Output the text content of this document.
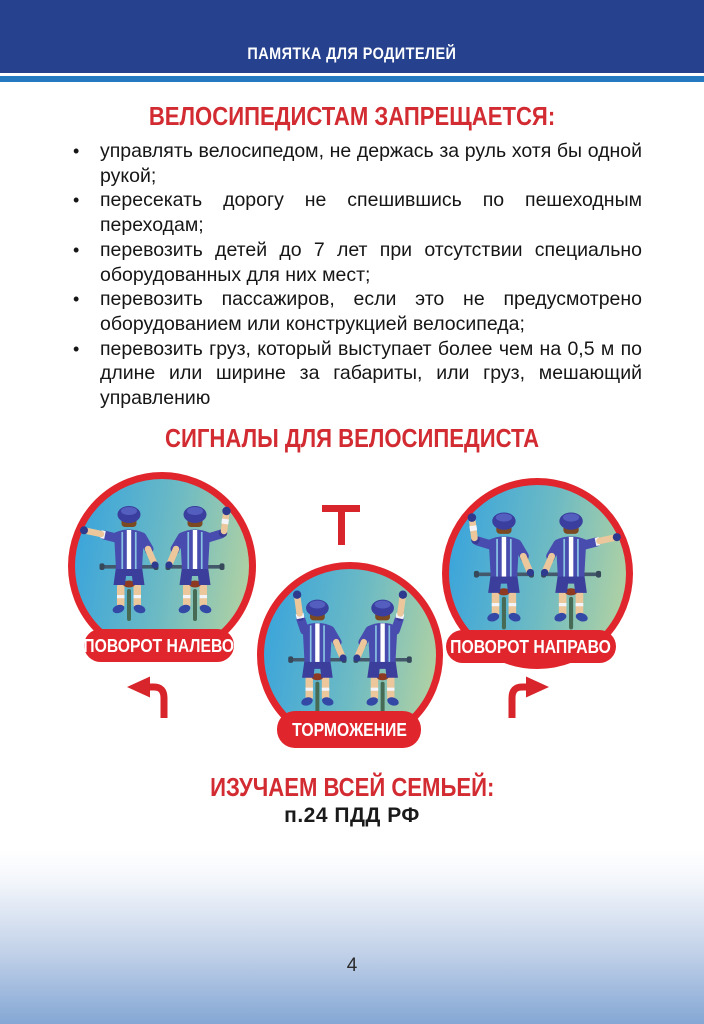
ПАМЯТКА ДЛЯ РОДИТЕЛЕЙ
ВЕЛОСИПЕДИСТАМ ЗАПРЕЩАЕТСЯ:
• управлять велосипедом, не держась за руль хотя бы одной рукой;
• пересекать дорогу не спешившись по пешеходным переходам;
• перевозить детей до 7 лет при отсутствии специально оборудованных для них мест;
• перевозить пассажиров, если это не предусмотрено оборудованием или конструкцией велосипеда;
• перевозить груз, который выступает более чем на 0,5 м по длине или ширине за габариты, или груз, мешающий управлению
СИГНАЛЫ ДЛЯ ВЕЛОСИПЕДИСТА
ПОВОРОТ НАЛЕВО
ТОРМОЖЕНИЕ
ПОВОРОТ НАПРАВО
ИЗУЧАЕМ ВСЕЙ СЕМЬЕЙ:
п.24 ПДД РФ
4
